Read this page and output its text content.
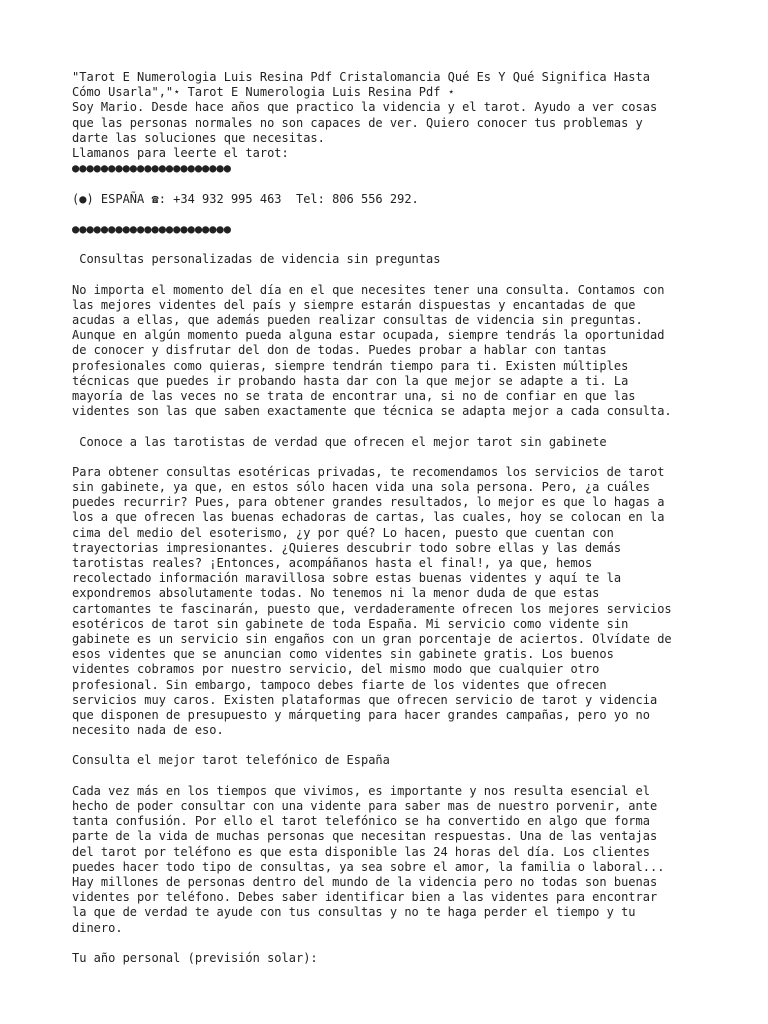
"Tarot E Numerologia Luis Resina Pdf Cristalomancia Qué Es Y Qué Significa Hasta
Cómo Usarla","⋆ Tarot E Numerologia Luis Resina Pdf ⋆
Soy Mario. Desde hace años que practico la videncia y el tarot. Ayudo a ver cosas
que las personas normales no son capaces de ver. Quiero conocer tus problemas y
darte las soluciones que necesitas.
Llamanos para leerte el tarot:
●●●●●●●●●●●●●●●●●●●●●●
(●) ESPAÑA ☎: +34 932 995 463  Tel: 806 556 292.
●●●●●●●●●●●●●●●●●●●●●●
Consultas personalizadas de videncia sin preguntas
No importa el momento del día en el que necesites tener una consulta. Contamos con
las mejores videntes del país y siempre estarán dispuestas y encantadas de que
acudas a ellas, que además pueden realizar consultas de videncia sin preguntas.
Aunque en algún momento pueda alguna estar ocupada, siempre tendrás la oportunidad
de conocer y disfrutar del don de todas. Puedes probar a hablar con tantas
profesionales como quieras, siempre tendrán tiempo para ti. Existen múltiples
técnicas que puedes ir probando hasta dar con la que mejor se adapte a ti. La
mayoría de las veces no se trata de encontrar una, si no de confiar en que las
videntes son las que saben exactamente que técnica se adapta mejor a cada consulta.
Conoce a las tarotistas de verdad que ofrecen el mejor tarot sin gabinete
Para obtener consultas esotéricas privadas, te recomendamos los servicios de tarot
sin gabinete, ya que, en estos sólo hacen vida una sola persona. Pero, ¿a cuáles
puedes recurrir? Pues, para obtener grandes resultados, lo mejor es que lo hagas a
los a que ofrecen las buenas echadoras de cartas, las cuales, hoy se colocan en la
cima del medio del esoterismo, ¿y por qué? Lo hacen, puesto que cuentan con
trayectorias impresionantes. ¿Quieres descubrir todo sobre ellas y las demás
tarotistas reales? ¡Entonces, acompáñanos hasta el final!, ya que, hemos
recolectado información maravillosa sobre estas buenas videntes y aquí te la
expondremos absolutamente todas. No tenemos ni la menor duda de que estas
cartomantes te fascinarán, puesto que, verdaderamente ofrecen los mejores servicios
esotéricos de tarot sin gabinete de toda España. Mi servicio como vidente sin
gabinete es un servicio sin engaños con un gran porcentaje de aciertos. Olvídate de
esos videntes que se anuncian como videntes sin gabinete gratis. Los buenos
videntes cobramos por nuestro servicio, del mismo modo que cualquier otro
profesional. Sin embargo, tampoco debes fiarte de los videntes que ofrecen
servicios muy caros. Existen plataformas que ofrecen servicio de tarot y videncia
que disponen de presupuesto y márqueting para hacer grandes campañas, pero yo no
necesito nada de eso.
Consulta el mejor tarot telefónico de España
Cada vez más en los tiempos que vivimos, es importante y nos resulta esencial el
hecho de poder consultar con una vidente para saber mas de nuestro porvenir, ante
tanta confusión. Por ello el tarot telefónico se ha convertido en algo que forma
parte de la vida de muchas personas que necesitan respuestas. Una de las ventajas
del tarot por teléfono es que esta disponible las 24 horas del día. Los clientes
puedes hacer todo tipo de consultas, ya sea sobre el amor, la familia o laboral...
Hay millones de personas dentro del mundo de la videncia pero no todas son buenas
videntes por teléfono. Debes saber identificar bien a las videntes para encontrar
la que de verdad te ayude con tus consultas y no te haga perder el tiempo y tu
dinero.
Tu año personal (previsión solar):
